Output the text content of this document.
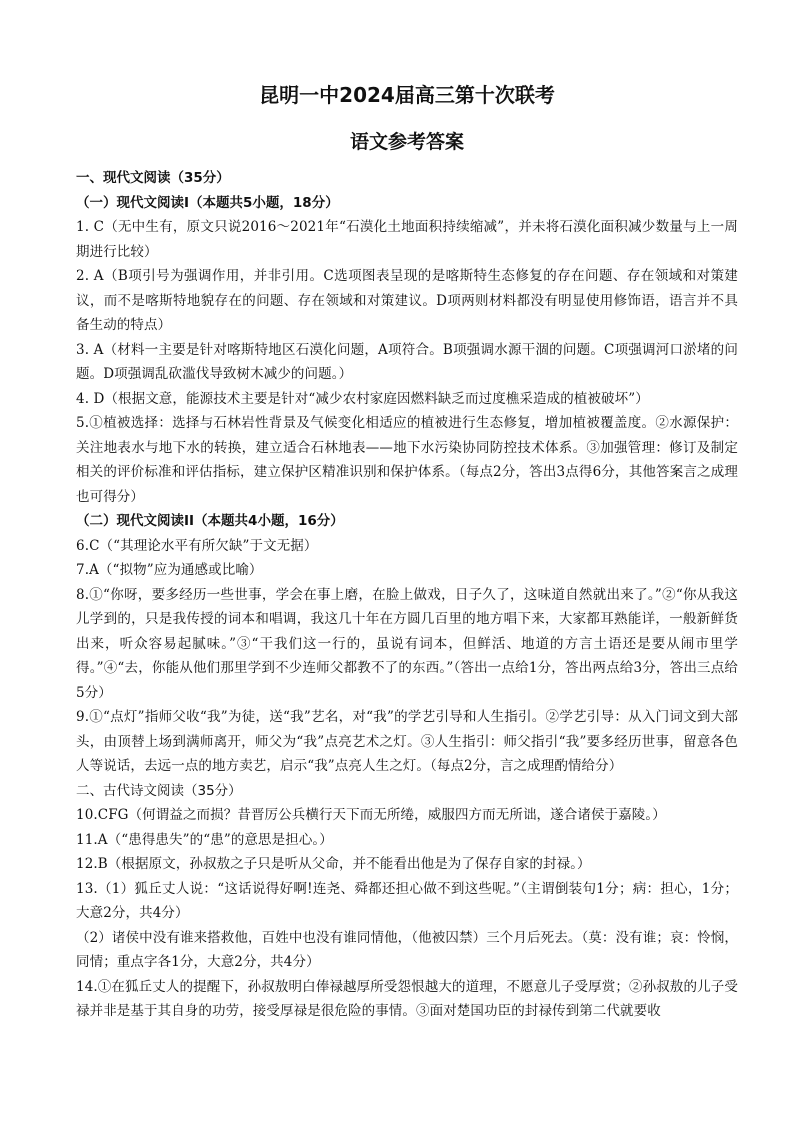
昆明一中2024届高三第十次联考
语文参考答案

一、现代文阅读（35分）

（一）现代文阅读Ⅰ（本题共5小题，18分）

1. C（无中生有，原文只说2016～2021年“石漠化土地面积持续缩减”，并未将石漠化面积减少数量与上一周期进行比较）

2. A（B项引号为强调作用，并非引用。C选项图表呈现的是喀斯特生态修复的存在问题、存在领域和对策建议，而不是喀斯特地貌存在的问题、存在领域和对策建议。D项两则材料都没有明显使用修饰语，语言并不具备生动的特点）

3. A（材料一主要是针对喀斯特地区石漠化问题，A项符合。B项强调水源干涸的问题。C项强调河口淤堵的问题。D项强调乱砍滥伐导致树木减少的问题。）

4. D（根据文意，能源技术主要是针对“减少农村家庭因燃料缺乏而过度樵采造成的植被破坏”）

5.①植被选择：选择与石林岩性背景及气候变化相适应的植被进行生态修复，增加植被覆盖度。②水源保护：关注地表水与地下水的转换，建立适合石林地表——地下水污染协同防控技术体系。③加强管理：修订及制定相关的评价标准和评估指标，建立保护区精准识别和保护体系。（每点2分，答出3点得6分，其他答案言之成理也可得分）

（二）现代文阅读II（本题共4小题，16分）

6.C（“其理论水平有所欠缺”于文无据）

7.A（“拟物”应为通感或比喻）

8.①“你呀，要多经历一些世事，学会在事上磨，在脸上做戏，日子久了，这味道自然就出来了。”②“你从我这儿学到的，只是我传授的词本和唱调，我这几十年在方圆几百里的地方唱下来，大家都耳熟能详，一般新鲜货出来，听众容易起腻味。”③“干我们这一行的，虽说有词本，但鲜活、地道的方言土语还是要从闹市里学得。”④“去，你能从他们那里学到不少连师父都教不了的东西。”（答出一点给1分，答出两点给3分，答出三点给5分）

9.①“点灯”指师父收“我”为徒，送“我”艺名，对“我”的学艺引导和人生指引。②学艺引导：从入门词文到大部头，由顶替上场到满师离开，师父为“我”点亮艺术之灯。③人生指引：师父指引“我”要多经历世事，留意各色人等说话，去远一点的地方卖艺，启示“我”点亮人生之灯。（每点2分，言之成理酌情给分）

二、古代诗文阅读（35分）

10.CFG（何谓益之而损？昔晋厉公兵横行天下而无所绻，威服四方而无所诎，遂合诸侯于嘉陵。）

11.A（“患得患失”的“患”的意思是担心。）

12.B（根据原文，孙叔敖之子只是听从父命，并不能看出他是为了保存自家的封禄。）

13.（1）狐丘丈人说：“这话说得好啊!连尧、舜都还担心做不到这些呢。”（主谓倒装句1分；病：担心，1分；大意2分，共4分）

（2）诸侯中没有谁来搭救他，百姓中也没有谁同情他，（他被囚禁）三个月后死去。（莫：没有谁；哀：怜悯，同情；重点字各1分，大意2分，共4分）

14.①在狐丘丈人的提醒下，孙叔敖明白俸禄越厚所受怨恨越大的道理，不愿意儿子受厚赏；②孙叔敖的儿子受禄并非是基于其自身的功劳，接受厚禄是很危险的事情。③面对楚国功臣的封禄传到第二代就要收
